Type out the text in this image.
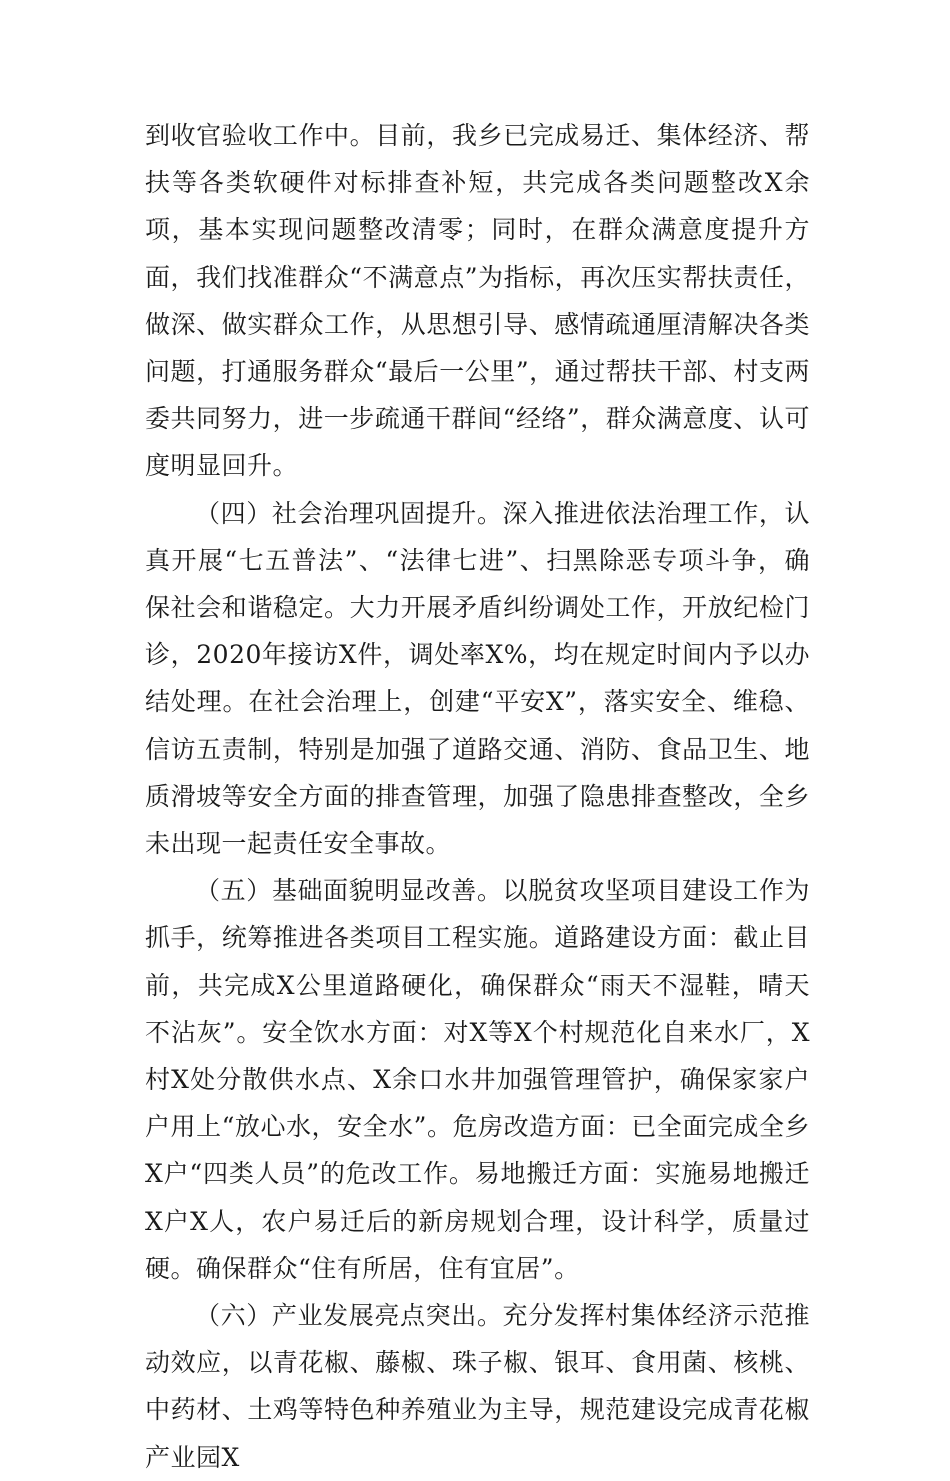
到收官验收工作中。目前，我乡已完成易迁、集体经济、帮扶等各类软硬件对标排查补短，共完成各类问题整改X余项，基本实现问题整改清零；同时，在群众满意度提升方面，我们找准群众“不满意点”为指标，再次压实帮扶责任，做深、做实群众工作，从思想引导、感情疏通厘清解决各类问题，打通服务群众“最后一公里”，通过帮扶干部、村支两委共同努力，进一步疏通干群间“经络”，群众满意度、认可度明显回升。

（四）社会治理巩固提升。深入推进依法治理工作，认真开展“七五普法”、“法律七进”、扫黑除恶专项斗争，确保社会和谐稳定。大力开展矛盾纠纷调处工作，开放纪检门诊，2020年接访X件，调处率X%，均在规定时间内予以办结处理。在社会治理上，创建“平安X”，落实安全、维稳、信访五责制，特别是加强了道路交通、消防、食品卫生、地质滑坡等安全方面的排查管理，加强了隐患排查整改，全乡未出现一起责任安全事故。

（五）基础面貌明显改善。以脱贫攻坚项目建设工作为抓手，统筹推进各类项目工程实施。道路建设方面：截止目前，共完成X公里道路硬化，确保群众“雨天不湿鞋，晴天不沾灰”。安全饮水方面：对X等X个村规范化自来水厂，X村X处分散供水点、X余口水井加强管理管护，确保家家户户用上“放心水，安全水”。危房改造方面：已全面完成全乡X户“四类人员”的危改工作。易地搬迁方面：实施易地搬迁X户X人，农户易迁后的新房规划合理，设计科学，质量过硬。确保群众“住有所居，住有宜居”。

（六）产业发展亮点突出。充分发挥村集体经济示范推动效应，以青花椒、藤椒、珠子椒、银耳、食用菌、核桃、中药材、土鸡等特色种养殖业为主导，规范建设完成青花椒产业园X
